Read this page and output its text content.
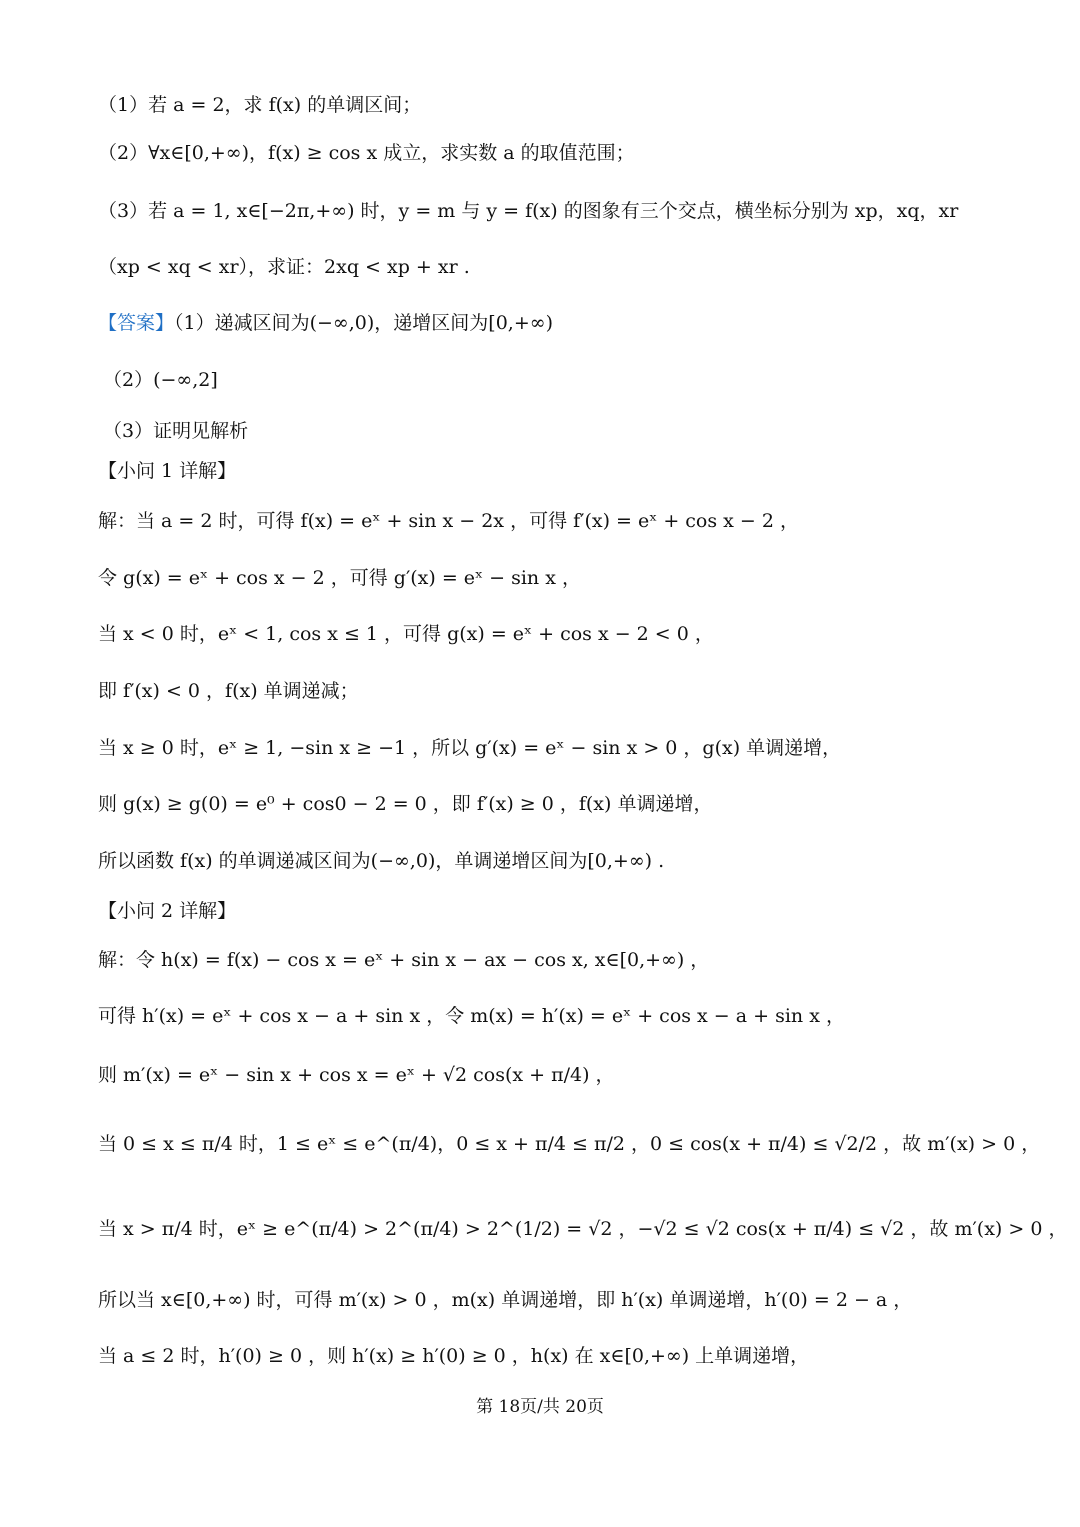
（1）若 a = 2，求 f(x) 的单调区间；
（2）∀x∈[0,+∞)，f(x) ≥ cos x 成立，求实数 a 的取值范围；
（3）若 a = 1, x∈[−2π,+∞) 时，y = m 与 y = f(x) 的图象有三个交点，横坐标分别为 xp，xq，xr
（xp < xq < xr），求证：2xq < xp + xr .
【答案】（1）递减区间为(−∞,0)，递增区间为[0,+∞)
（2）(−∞,2]
（3）证明见解析
【小问 1 详解】
解：当 a = 2 时，可得 f(x) = eˣ + sin x − 2x ，可得 f′(x) = eˣ + cos x − 2 ，
令 g(x) = eˣ + cos x − 2 ，可得 g′(x) = eˣ − sin x ，
当 x < 0 时，eˣ < 1, cos x ≤ 1 ，可得 g(x) = eˣ + cos x − 2 < 0 ，
即 f′(x) < 0 ，f(x) 单调递减；
当 x ≥ 0 时，eˣ ≥ 1, −sin x ≥ −1 ，所以 g′(x) = eˣ − sin x > 0 ，g(x) 单调递增，
则 g(x) ≥ g(0) = e⁰ + cos0 − 2 = 0 ，即 f′(x) ≥ 0 ，f(x) 单调递增，
所以函数 f(x) 的单调递减区间为(−∞,0)，单调递增区间为[0,+∞) .
【小问 2 详解】
解：令 h(x) = f(x) − cos x = eˣ + sin x − ax − cos x, x∈[0,+∞) ，
可得 h′(x) = eˣ + cos x − a + sin x ，令 m(x) = h′(x) = eˣ + cos x − a + sin x ，
则 m′(x) = eˣ − sin x + cos x = eˣ + √2 cos(x + π/4) ，
当 0 ≤ x ≤ π/4 时，1 ≤ eˣ ≤ e^(π/4)，0 ≤ x + π/4 ≤ π/2 ，0 ≤ cos(x + π/4) ≤ √2/2 ，故 m′(x) > 0 ，
当 x > π/4 时，eˣ ≥ e^(π/4) > 2^(π/4) > 2^(1/2) = √2 ，−√2 ≤ √2 cos(x + π/4) ≤ √2 ，故 m′(x) > 0 ，
所以当 x∈[0,+∞) 时，可得 m′(x) > 0 ，m(x) 单调递增，即 h′(x) 单调递增，h′(0) = 2 − a ，
当 a ≤ 2 时，h′(0) ≥ 0 ，则 h′(x) ≥ h′(0) ≥ 0 ，h(x) 在 x∈[0,+∞) 上单调递增，
第 18页/共 20页
